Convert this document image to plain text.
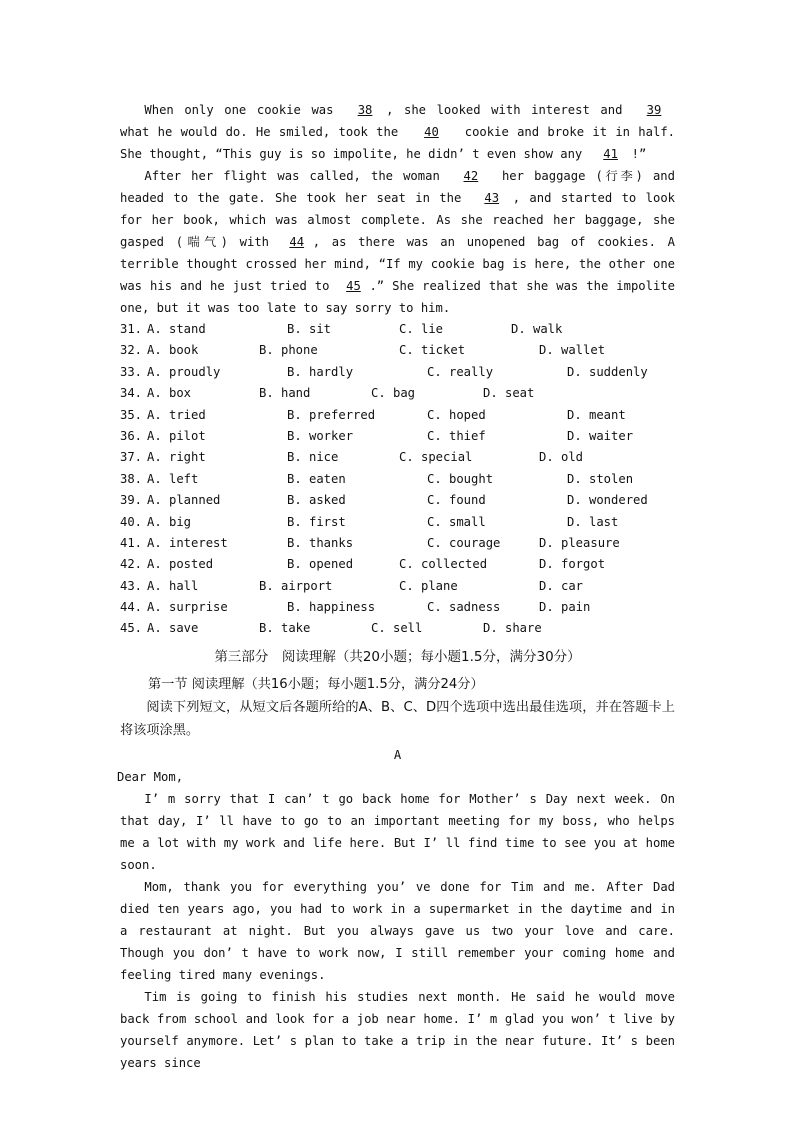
When only one cookie was 38 , she looked with interest and 39 what he would do. He smiled, took the 40 cookie and broke it in half. She thought, “This guy is so impolite, he didn’ t even show any 41 !”

After her flight was called, the woman 42 her baggage (行李) and headed to the gate. She took her seat in the 43 , and started to look for her book, which was almost complete. As she reached her baggage, she gasped (喘气) with 44 , as there was an unopened bag of cookies. A terrible thought crossed her mind, “If my cookie bag is here, the other one was his and he just tried to 45 .” She realized that she was the impolite one, but it was too late to say sorry to him.

31. A. stand	B. sit	C. lie	D. walk
32. A. book	B. phone	C. ticket	D. wallet
33. A. proudly	B. hardly	C. really	D. suddenly
34. A. box	B. hand	C. bag	D. seat
35. A. tried	B. preferred	C. hoped	D. meant
36. A. pilot	B. worker	C. thief	D. waiter
37. A. right	B. nice	C. special	D. old
38. A. left	B. eaten	C. bought	D. stolen
39. A. planned	B. asked	C. found	D. wondered
40. A. big	B. first	C. small	D. last
41. A. interest	B. thanks	C. courage	D. pleasure
42. A. posted	B. opened	C. collected	D. forgot
43. A. hall	B. airport	C. plane	D. car
44. A. surprise	B. happiness	C. sadness	D. pain
45. A. save	B. take	C. sell	D. share

第三部分　阅读理解（共20小题；每小题1.5分，满分30分）

第一节 阅读理解（共16小题；每小题1.5分，满分24分）

阅读下列短文，从短文后各题所给的A、B、C、D四个选项中选出最佳选项，并在答题卡上将该项涂黑。

A

Dear Mom,

I’ m sorry that I can’ t go back home for Mother’ s Day next week. On that day, I’ ll have to go to an important meeting for my boss, who helps me a lot with my work and life here. But I’ ll find time to see you at home soon.

Mom, thank you for everything you’ ve done for Tim and me. After Dad died ten years ago, you had to work in a supermarket in the daytime and in a restaurant at night. But you always gave us two your love and care. Though you don’ t have to work now, I still remember your coming home and feeling tired many evenings.

Tim is going to finish his studies next month. He said he would move back from school and look for a job near home. I’ m glad you won’ t live by yourself anymore. Let’ s plan to take a trip in the near future. It’ s been years since
